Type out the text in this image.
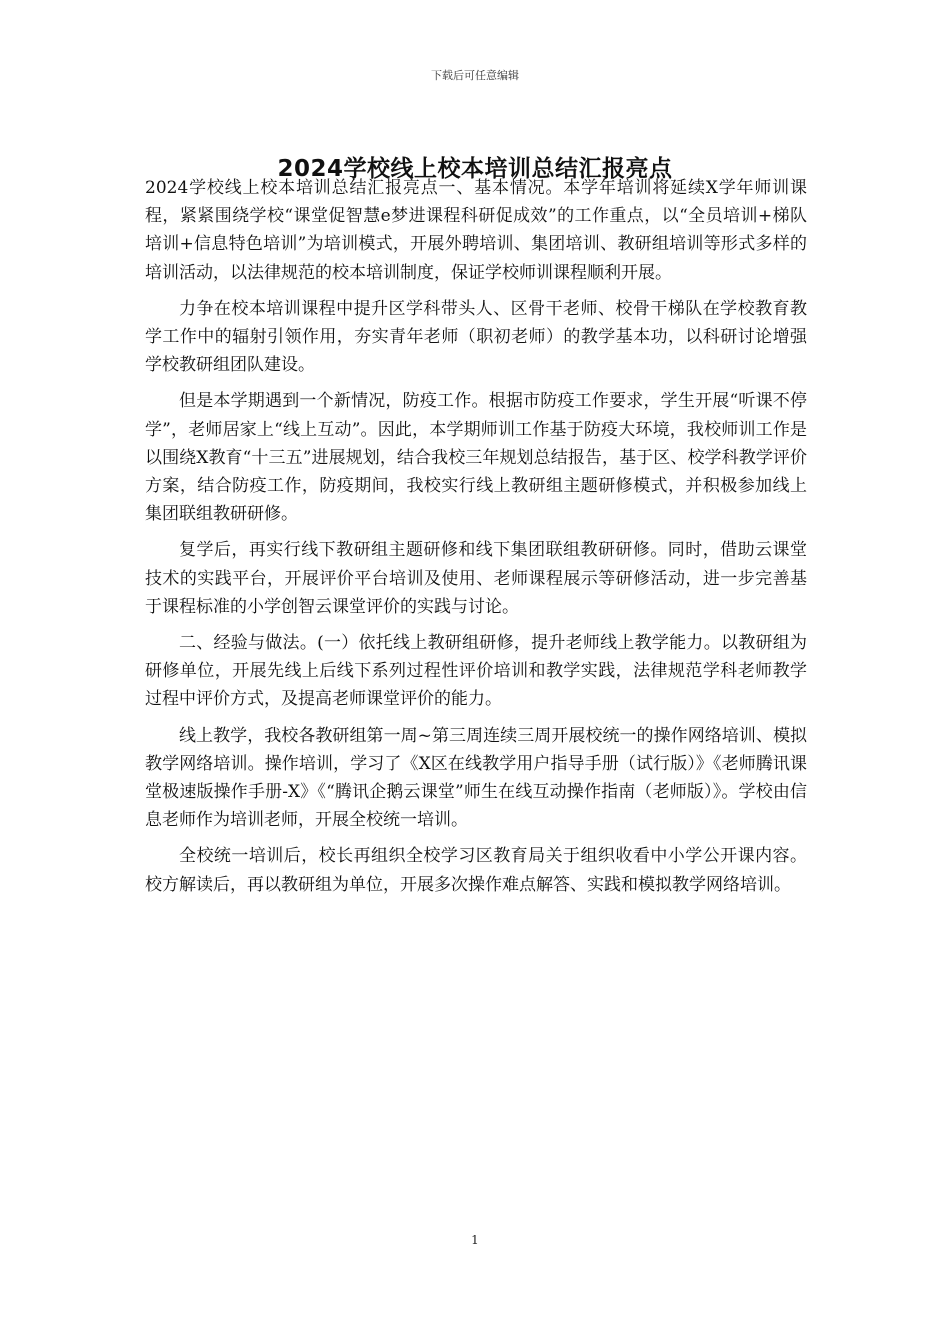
下载后可任意编辑
2024学校线上校本培训总结汇报亮点

2024学校线上校本培训总结汇报亮点一、基本情况。本学年培训将延续X学年师训课程，紧紧围绕学校“课堂促智慧e梦进课程科研促成效”的工作重点，以“全员培训+梯队培训+信息特色培训”为培训模式，开展外聘培训、集团培训、教研组培训等形式多样的培训活动，以法律规范的校本培训制度，保证学校师训课程顺利开展。

力争在校本培训课程中提升区学科带头人、区骨干老师、校骨干梯队在学校教育教学工作中的辐射引领作用，夯实青年老师（职初老师）的教学基本功，以科研讨论增强学校教研组团队建设。

但是本学期遇到一个新情况，防疫工作。根据市防疫工作要求，学生开展“听课不停学”，老师居家上“线上互动”。因此，本学期师训工作基于防疫大环境，我校师训工作是以围绕X教育“十三五”进展规划，结合我校三年规划总结报告，基于区、校学科教学评价方案，结合防疫工作，防疫期间，我校实行线上教研组主题研修模式，并积极参加线上集团联组教研研修。

复学后，再实行线下教研组主题研修和线下集团联组教研研修。同时，借助云课堂技术的实践平台，开展评价平台培训及使用、老师课程展示等研修活动，进一步完善基于课程标准的小学创智云课堂评价的实践与讨论。

二、经验与做法。(一）依托线上教研组研修，提升老师线上教学能力。以教研组为研修单位，开展先线上后线下系列过程性评价培训和教学实践，法律规范学科老师教学过程中评价方式，及提高老师课堂评价的能力。

线上教学，我校各教研组第一周~第三周连续三周开展校统一的操作网络培训、模拟教学网络培训。操作培训，学习了《X区在线教学用户指导手册（试行版）》《老师腾讯课堂极速版操作手册-X》《“腾讯企鹅云课堂”师生在线互动操作指南（老师版）》。学校由信息老师作为培训老师，开展全校统一培训。

全校统一培训后，校长再组织全校学习区教育局关于组织收看中小学公开课内容。校方解读后，再以教研组为单位，开展多次操作难点解答、实践和模拟教学网络培训。

1
